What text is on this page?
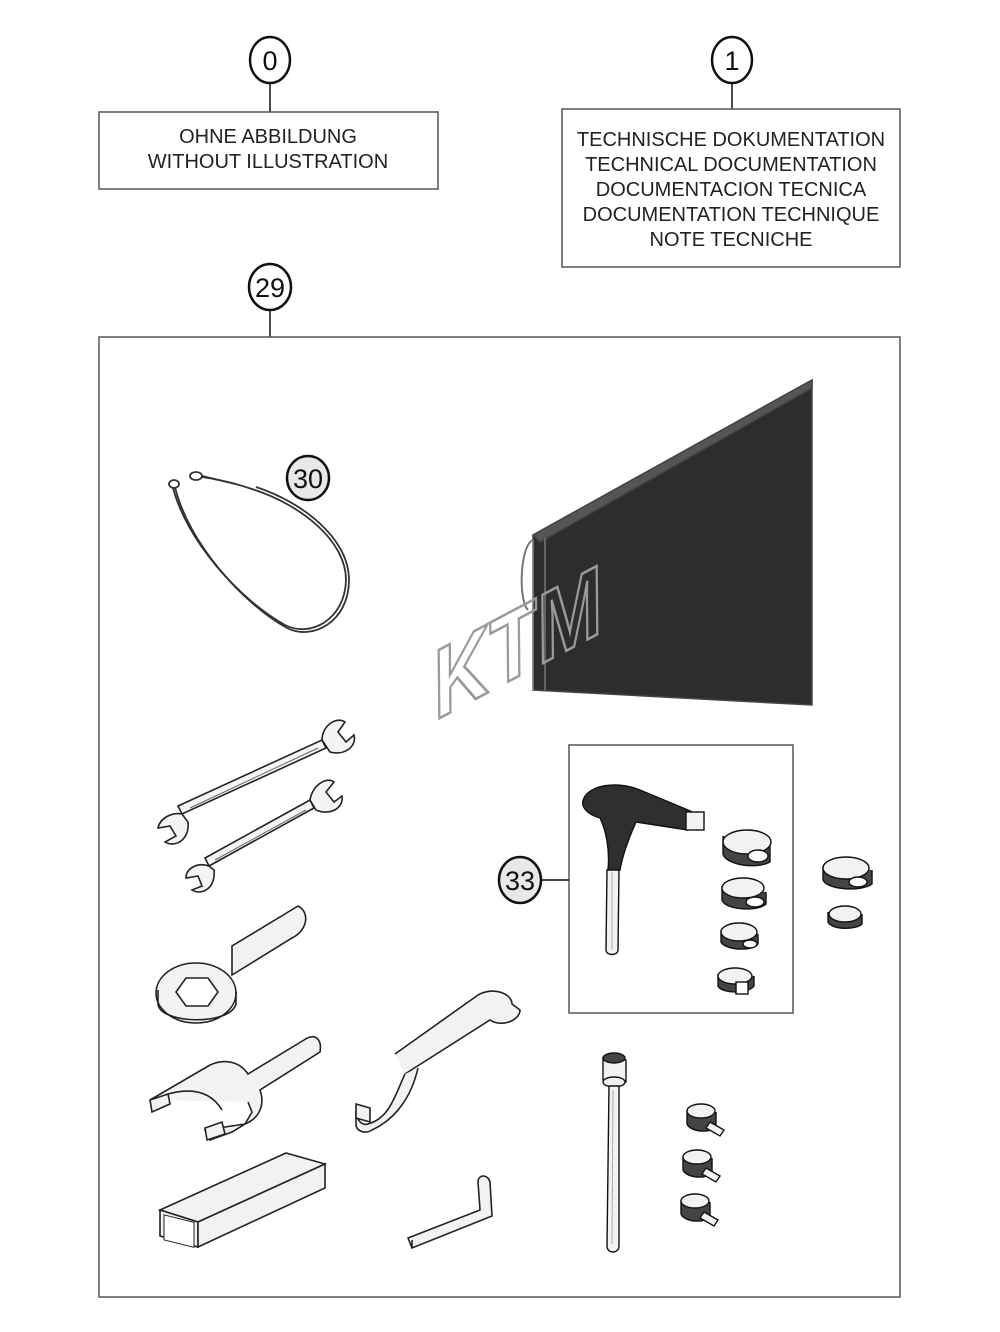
0
OHNE ABBILDUNG
WITHOUT ILLUSTRATION
1
TECHNISCHE DOKUMENTATION
TECHNICAL DOCUMENTATION
DOCUMENTACION TECNICA
DOCUMENTATION TECHNIQUE
NOTE TECNICHE
29
30
KTM
33
